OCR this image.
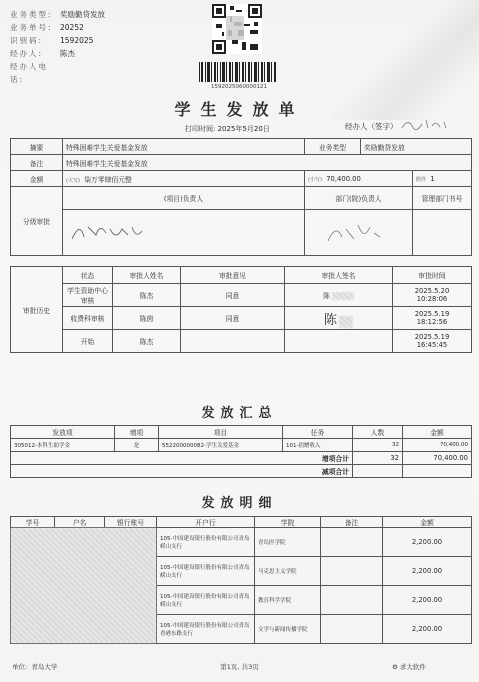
业务类型: 奖励勤贷发放
业务单号: 20252
识别码:	1592025
经办人:	陈杰
经办人电话:
1592025060000121
学生发放单
打印时间: 2025年5月20日	经办人（签字）
摘要	特殊困难学生关爱基金发放	业务类型	奖励勤贷发放	
备注	特殊困难学生关爱基金发放			
金额	(大写) 柒万零肆佰元整	(小写) 70,400.00		附件 1
分级审批	(项目)负责人	部门(院)负责人		管理部门书号

审批历史	状态	审批人姓名	审批意见	审批人签名	审批时间
	学生资助中心审核	陈杰	同意	陈	2025.5.20
10:28:06

	收费科审核	陈茵	同意	陈	2025.5.19
18:12:56

	开始	陈杰			2025.5.19
16:45:45
发放汇总
发放项	增项	项目	任务	人数	金额
305012-本科生助学金	是	552200000082-学生关爱基金	101-捐赠收入	32	70,400.00
增项合计				32	70,400.00
减项合计					
发放明细
学号	户名	银行账号	开户行	学院	备注	金额
			105-中国建设银行股份有限公司青岛崂山支行	青岛医学院		2,200.00
			105-中国建设银行股份有限公司青岛崂山支行	马克思主义学院		2,200.00
			105-中国建设银行股份有限公司青岛崂山支行	教育科学学院		2,200.00
			105-中国建设银行股份有限公司青岛香港东路支行	文学与新闻传播学院		2,200.00
单位: 青岛大学	第1页, 共3页	⚙ 求大软件
